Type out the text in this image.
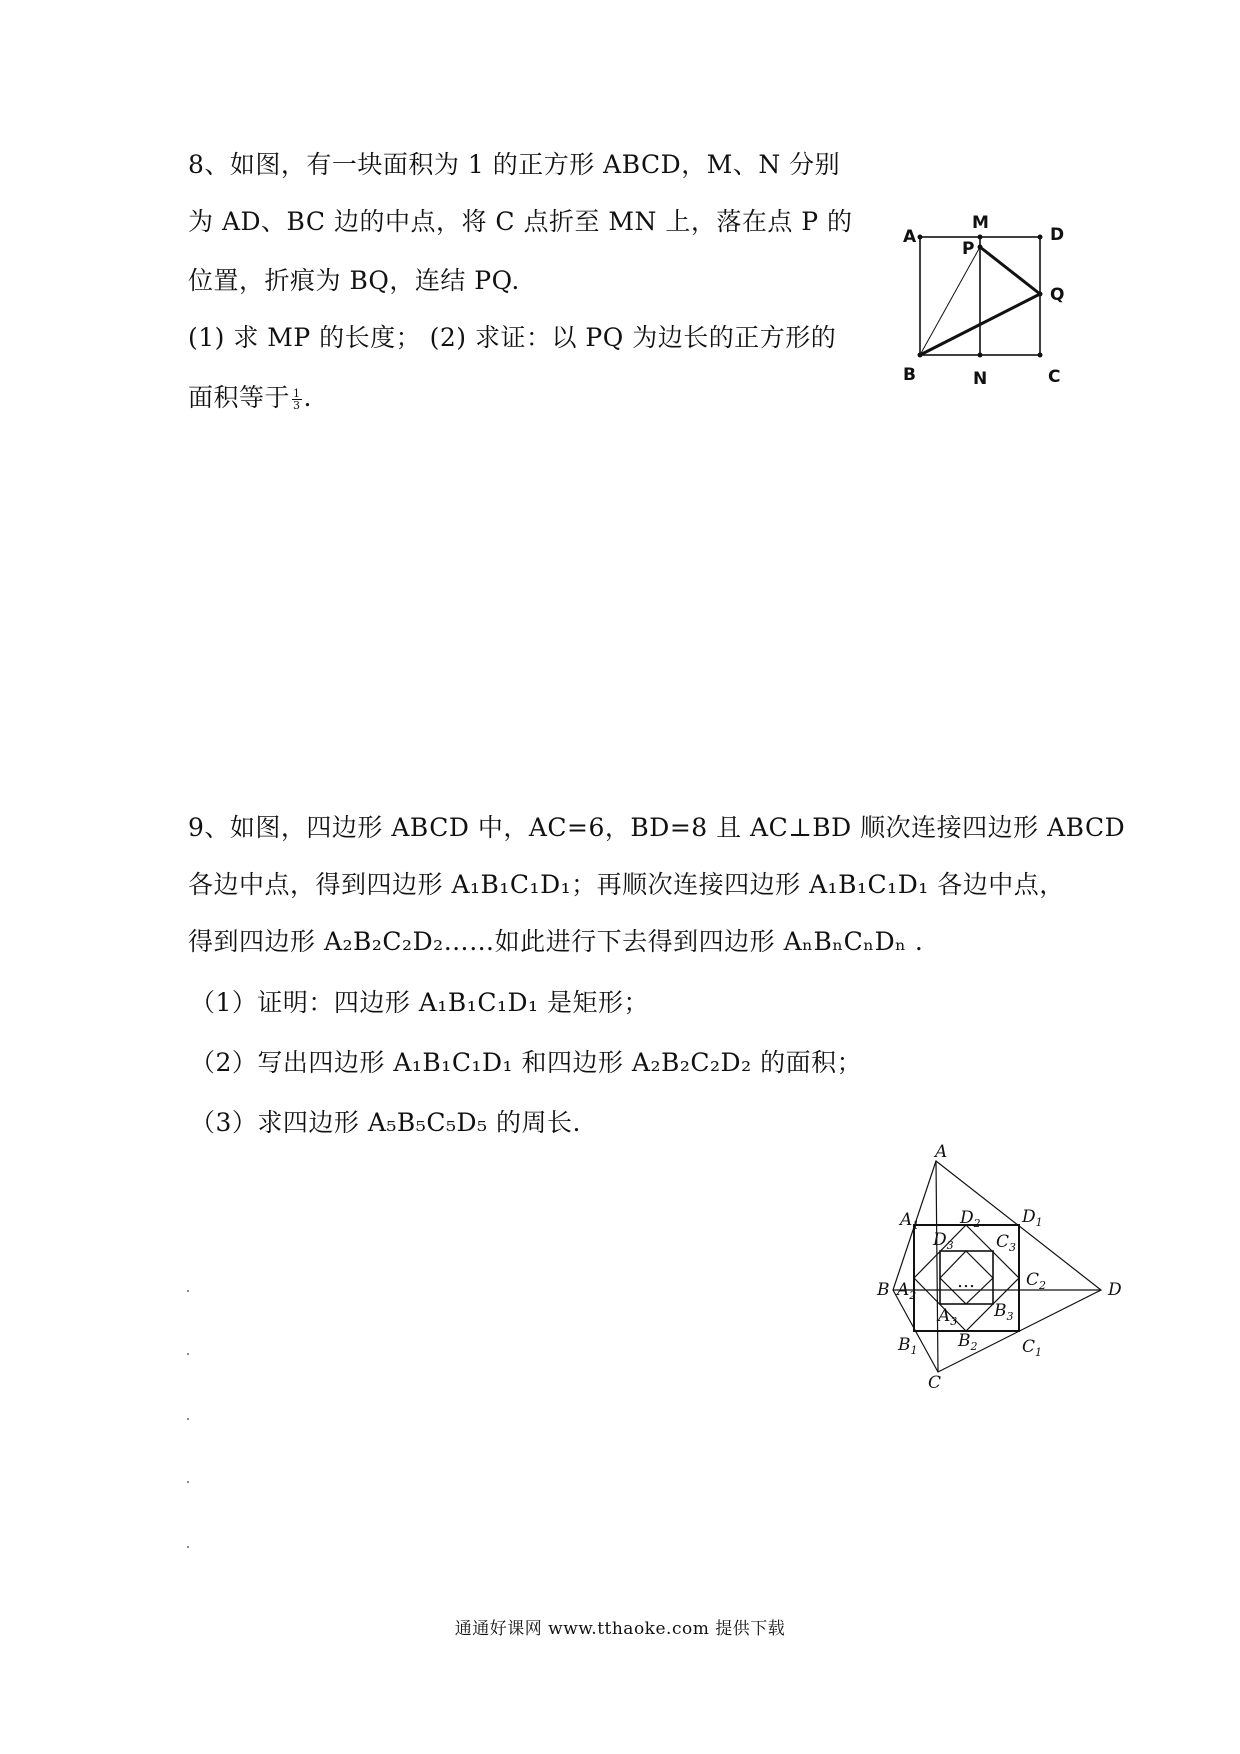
8、如图，有一块面积为 1 的正方形 ABCD，M、N 分别
为 AD、BC 边的中点，将 C 点折至 MN 上，落在点 P 的
位置，折痕为 BQ，连结 PQ.
(1) 求 MP 的长度； (2) 求证：以 PQ 为边长的正方形的
面积等于 $\frac{1}{3}$ .
A
M
D
P
Q
B	N	C
9、如图，四边形 ABCD 中，AC=6，BD=8 且 AC⊥BD 顺次连接四边形 ABCD
各边中点，得到四边形 A₁B₁C₁D₁；再顺次连接四边形 A₁B₁C₁D₁ 各边中点，
得到四边形 A₂B₂C₂D₂……如此进行下去得到四边形 AₙBₙCₙDₙ .
（1）证明：四边形 A₁B₁C₁D₁ 是矩形；
（2）写出四边形 A₁B₁C₁D₁ 和四边形 A₂B₂C₂D₂ 的面积；
（3）求四边形 A₅B₅C₅D₅ 的周长.
…
A
B
C
D
$A_1$
$B_1$	$C_1$
$D_1$
$A_2$
$B_2$
$C_2$
$D_2$
$A_3$
$B_3$
$C_3$
$D_3$
通通好课网 www.tthaoke.com 提供下载
